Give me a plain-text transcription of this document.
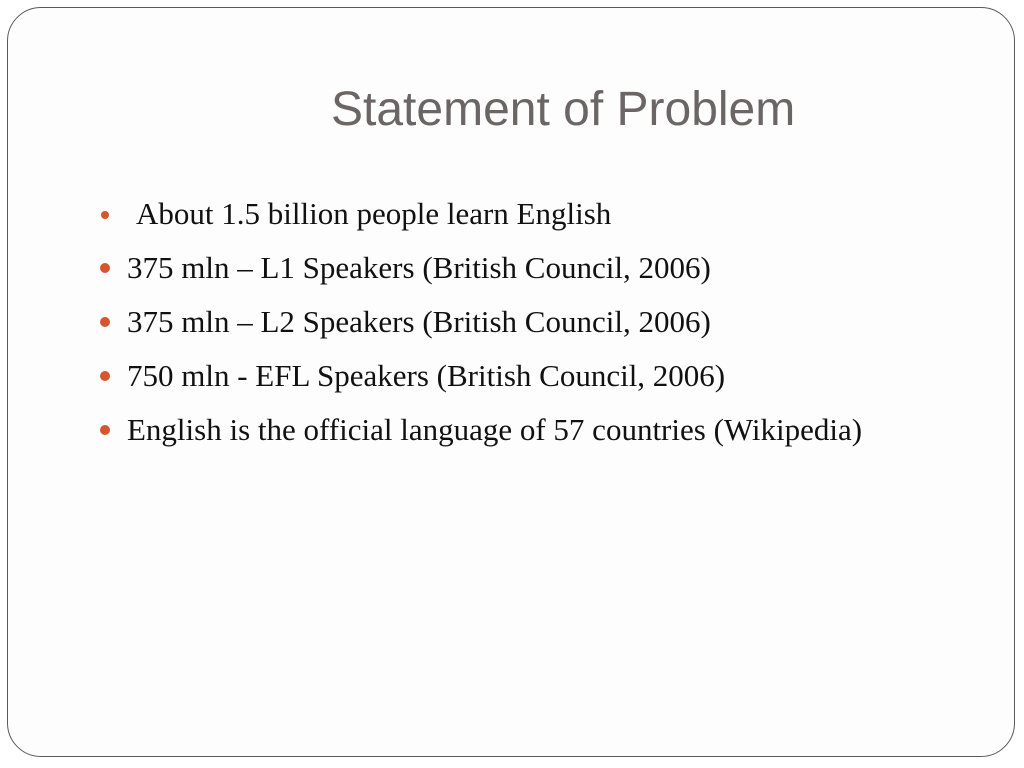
Statement of Problem
About 1.5 billion people learn English
375 mln – L1 Speakers (British Council, 2006)
375 mln – L2 Speakers (British Council, 2006)
750 mln - EFL Speakers (British Council, 2006)
English is the official language of 57 countries (Wikipedia)
